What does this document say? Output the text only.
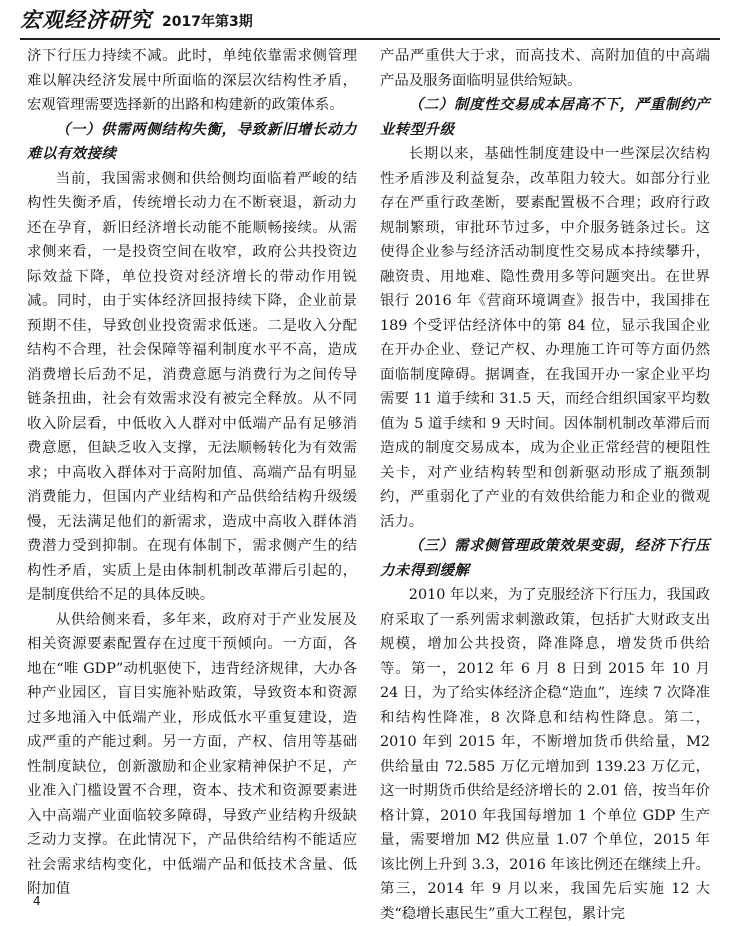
宏观经济研究 2017年第3期

济下行压力持续不减。此时，单纯依靠需求侧管理难以解决经济发展中所面临的深层次结构性矛盾，宏观管理需要选择新的出路和构建新的政策体系。

（一）供需两侧结构失衡，导致新旧增长动力难以有效接续

当前，我国需求侧和供给侧均面临着严峻的结构性失衡矛盾，传统增长动力在不断衰退，新动力还在孕育，新旧经济增长动能不能顺畅接续。从需求侧来看，一是投资空间在收窄，政府公共投资边际效益下降，单位投资对经济增长的带动作用锐减。同时，由于实体经济回报持续下降，企业前景预期不佳，导致创业投资需求低迷。二是收入分配结构不合理，社会保障等福利制度水平不高，造成消费增长后劲不足，消费意愿与消费行为之间传导链条扭曲，社会有效需求没有被完全释放。从不同收入阶层看，中低收入人群对中低端产品有足够消费意愿，但缺乏收入支撑，无法顺畅转化为有效需求；中高收入群体对于高附加值、高端产品有明显消费能力，但国内产业结构和产品供给结构升级缓慢，无法满足他们的新需求，造成中高收入群体消费潜力受到抑制。在现有体制下，需求侧产生的结构性矛盾，实质上是由体制机制改革滞后引起的，是制度供给不足的具体反映。

从供给侧来看，多年来，政府对于产业发展及相关资源要素配置存在过度干预倾向。一方面，各地在“唯 GDP”动机驱使下，违背经济规律，大办各种产业园区，盲目实施补贴政策，导致资本和资源过多地涌入中低端产业，形成低水平重复建设，造成严重的产能过剩。另一方面，产权、信用等基础性制度缺位，创新激励和企业家精神保护不足，产业准入门槛设置不合理，资本、技术和资源要素进入中高端产业面临较多障碍，导致产业结构升级缺乏动力支撑。在此情况下，产品供给结构不能适应社会需求结构变化，中低端产品和低技术含量、低附加值

产品严重供大于求，而高技术、高附加值的中高端产品及服务面临明显供给短缺。

（二）制度性交易成本居高不下，严重制约产业转型升级

长期以来，基础性制度建设中一些深层次结构性矛盾涉及利益复杂，改革阻力较大。如部分行业存在严重行政垄断，要素配置极不合理；政府行政规制繁琐，审批环节过多，中介服务链条过长。这使得企业参与经济活动制度性交易成本持续攀升，融资贵、用地难、隐性费用多等问题突出。在世界银行 2016 年《营商环境调查》报告中，我国排在 189 个受评估经济体中的第 84 位，显示我国企业在开办企业、登记产权、办理施工许可等方面仍然面临制度障碍。据调查，在我国开办一家企业平均需要 11 道手续和 31.5 天，而经合组织国家平均数值为 5 道手续和 9 天时间。因体制机制改革滞后而造成的制度交易成本，成为企业正常经营的梗阻性关卡，对产业结构转型和创新驱动形成了瓶颈制约，严重弱化了产业的有效供给能力和企业的微观活力。

（三）需求侧管理政策效果变弱，经济下行压力未得到缓解

2010 年以来，为了克服经济下行压力，我国政府采取了一系列需求刺激政策，包括扩大财政支出规模，增加公共投资，降准降息，增发货币供给等。第一，2012 年 6 月 8 日到 2015 年 10 月 24 日，为了给实体经济企稳“造血”，连续 7 次降准和结构性降准，8 次降息和结构性降息。第二，2010 年到 2015 年，不断增加货币供给量，M2 供给量由 72.585 万亿元增加到 139.23 万亿元，这一时期货币供给是经济增长的 2.01 倍，按当年价格计算，2010 年我国每增加 1 个单位 GDP 生产量，需要增加 M2 供应量 1.07 个单位，2015 年该比例上升到 3.3，2016 年该比例还在继续上升。第三，2014 年 9 月以来，我国先后实施 12 大类“稳增长惠民生”重大工程包，累计完

4
